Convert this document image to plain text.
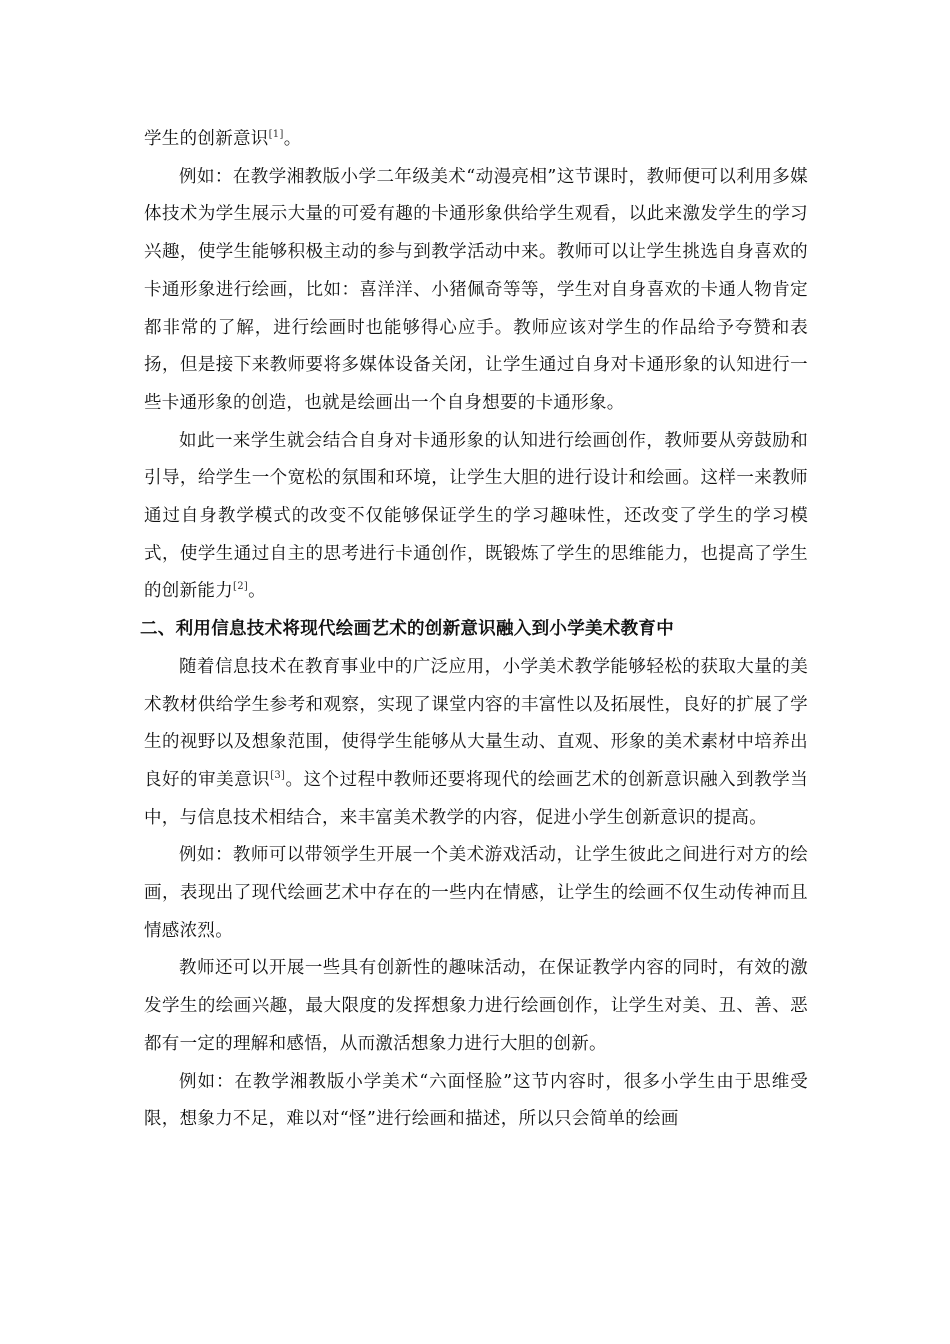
学生的创新意识[1]。

例如：在教学湘教版小学二年级美术“动漫亮相”这节课时，教师便可以利用多媒体技术为学生展示大量的可爱有趣的卡通形象供给学生观看，以此来激发学生的学习兴趣，使学生能够积极主动的参与到教学活动中来。教师可以让学生挑选自身喜欢的卡通形象进行绘画，比如：喜洋洋、小猪佩奇等等，学生对自身喜欢的卡通人物肯定都非常的了解，进行绘画时也能够得心应手。教师应该对学生的作品给予夸赞和表扬，但是接下来教师要将多媒体设备关闭，让学生通过自身对卡通形象的认知进行一些卡通形象的创造，也就是绘画出一个自身想要的卡通形象。

如此一来学生就会结合自身对卡通形象的认知进行绘画创作，教师要从旁鼓励和引导，给学生一个宽松的氛围和环境，让学生大胆的进行设计和绘画。这样一来教师通过自身教学模式的改变不仅能够保证学生的学习趣味性，还改变了学生的学习模式，使学生通过自主的思考进行卡通创作，既锻炼了学生的思维能力，也提高了学生的创新能力[2]。

二、利用信息技术将现代绘画艺术的创新意识融入到小学美术教育中

随着信息技术在教育事业中的广泛应用，小学美术教学能够轻松的获取大量的美术教材供给学生参考和观察，实现了课堂内容的丰富性以及拓展性，良好的扩展了学生的视野以及想象范围，使得学生能够从大量生动、直观、形象的美术素材中培养出良好的审美意识[3]。这个过程中教师还要将现代的绘画艺术的创新意识融入到教学当中，与信息技术相结合，来丰富美术教学的内容，促进小学生创新意识的提高。

例如：教师可以带领学生开展一个美术游戏活动，让学生彼此之间进行对方的绘画，表现出了现代绘画艺术中存在的一些内在情感，让学生的绘画不仅生动传神而且情感浓烈。

教师还可以开展一些具有创新性的趣味活动，在保证教学内容的同时，有效的激发学生的绘画兴趣，最大限度的发挥想象力进行绘画创作，让学生对美、丑、善、恶都有一定的理解和感悟，从而激活想象力进行大胆的创新。

例如：在教学湘教版小学美术“六面怪脸”这节内容时，很多小学生由于思维受限，想象力不足，难以对“怪”进行绘画和描述，所以只会简单的绘画
